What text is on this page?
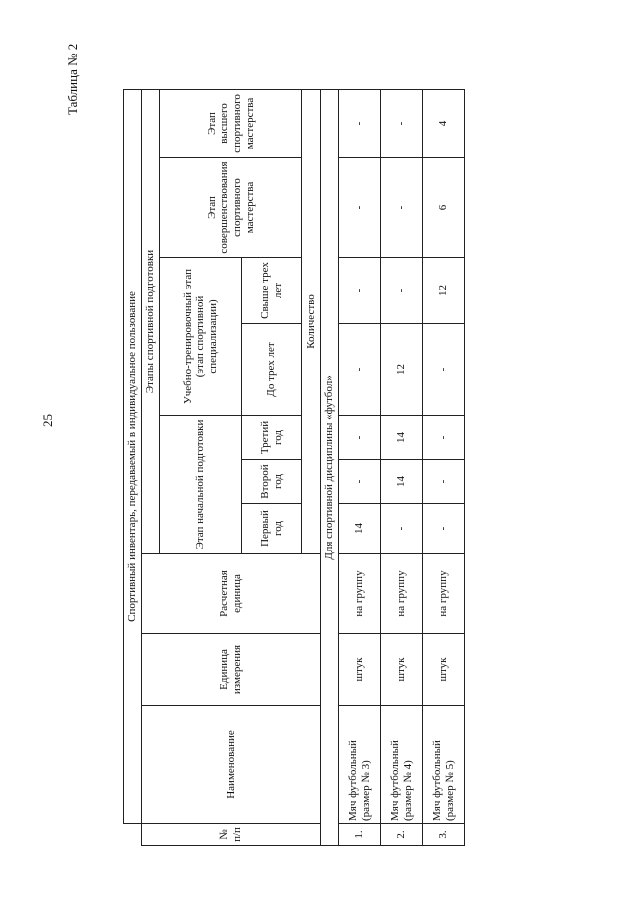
25
Таблица № 2
	Спортивный инвентарь, передаваемый в индивидуальное пользование									
№
п/п	Наименование	Единица измерения	Расчетная единица	Этапы спортивной подготовки						
				Этап начальной подготовки			Учебно-тренировочный этап (этап спортивной специализации)		Этап совершенствования спортивного мастерства	Этап высшего спортивного мастерства
				Первый год	Второй год	Третий год	До трех лет	Свыше трех лет		
				Количество						
Для спортивной дисциплины «футбол»										
1.	Мяч футбольный (размер № 3)	штук	на группу	14	-	-	-	-	-	-
2.	Мяч футбольный (размер № 4)	штук	на группу	-	14	14	12	-	-	-
3.	Мяч футбольный (размер № 5)	штук	на группу	-	-	-	-	12	6	4
